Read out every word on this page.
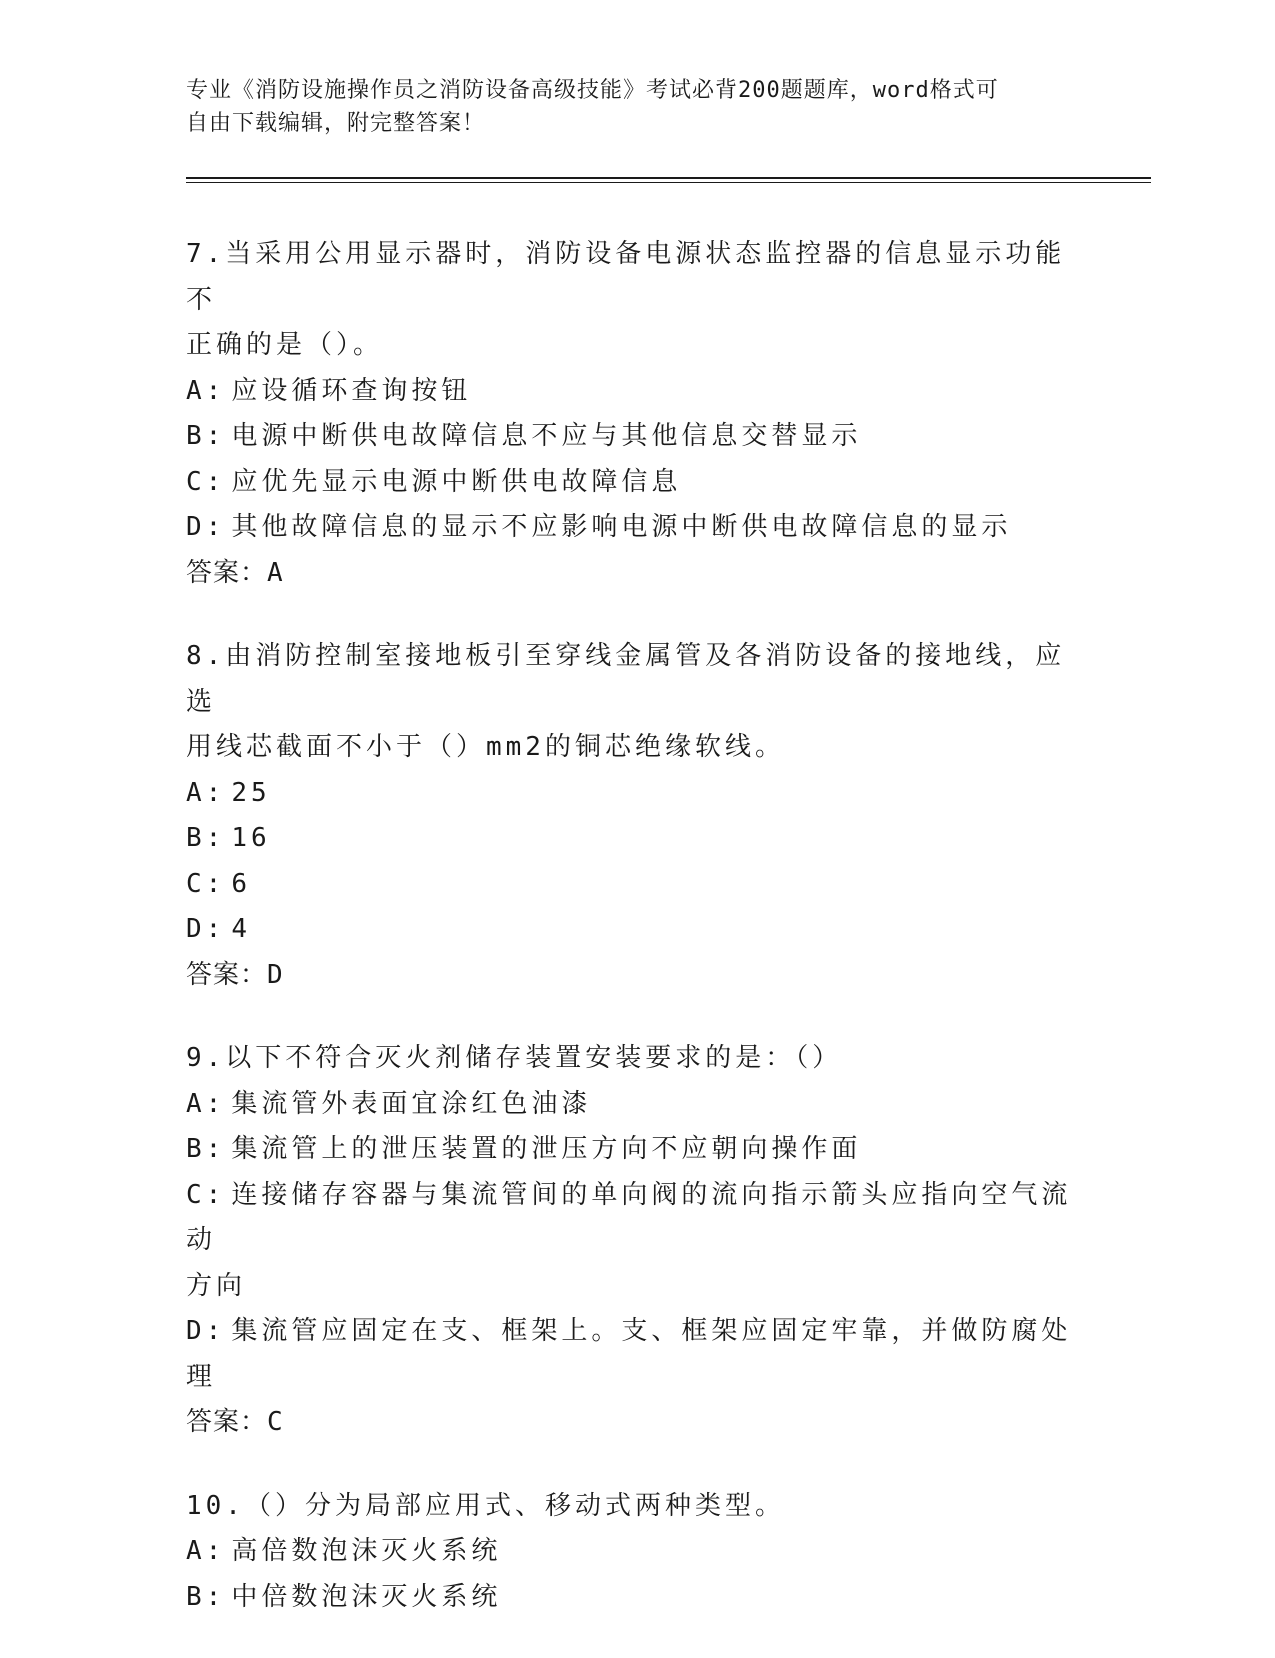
专业《消防设施操作员之消防设备高级技能》考试必背200题题库，word格式可
自由下载编辑，附完整答案！

7.当采用公用显示器时，消防设备电源状态监控器的信息显示功能不

正确的是（）。

A: 应设循环查询按钮

B: 电源中断供电故障信息不应与其他信息交替显示

C: 应优先显示电源中断供电故障信息

D: 其他故障信息的显示不应影响电源中断供电故障信息的显示

答案：A

8.由消防控制室接地板引至穿线金属管及各消防设备的接地线，应选

用线芯截面不小于（）mm2的铜芯绝缘软线。

A: 25

B: 16

C: 6

D: 4

答案：D

9.以下不符合灭火剂储存装置安装要求的是：（）

A: 集流管外表面宜涂红色油漆

B: 集流管上的泄压装置的泄压方向不应朝向操作面

C: 连接储存容器与集流管间的单向阀的流向指示箭头应指向空气流动

方向

D: 集流管应固定在支、框架上。支、框架应固定牢靠，并做防腐处理

答案：C

10.（）分为局部应用式、移动式两种类型。

A: 高倍数泡沫灭火系统

B: 中倍数泡沫灭火系统
